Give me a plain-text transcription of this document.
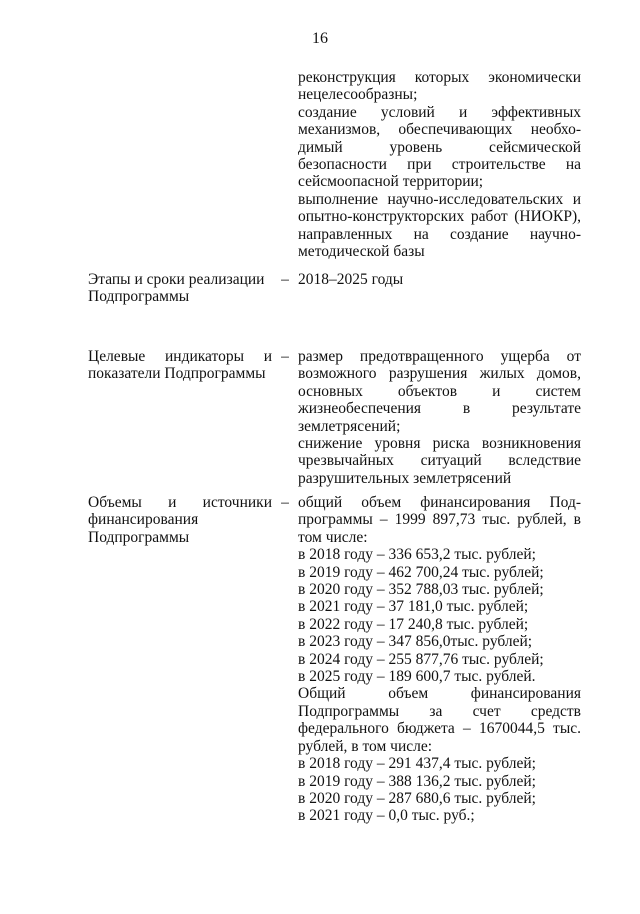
16
реконструкция которых экономически
нецелесообразны;
создание условий и эффективных
механизмов, обеспечивающих необхо-
димый уровень сейсмической
безопасности при строительстве на
сейсмоопасной территории;
выполнение научно-исследовательских и
опытно-конструкторских работ (НИОКР),
направленных на создание научно-
методической базы
Этапы и сроки реализации
Подпрограммы
– 2018–2025 годы
Целевые индикаторы и
показатели Подпрограммы
– размер предотвращенного ущерба от
возможного разрушения жилых домов,
основных объектов и систем
жизнеобеспечения в результате
землетрясений;
снижение уровня риска возникновения
чрезвычайных ситуаций вследствие
разрушительных землетрясений
Объемы и источники
финансирования
Подпрограммы
– общий объем финансирования Под-
программы – 1999 897,73 тыс. рублей, в
том числе:
в 2018 году – 336 653,2 тыс. рублей;
в 2019 году – 462 700,24 тыс. рублей;
в 2020 году – 352 788,03 тыс. рублей;
в 2021 году – 37 181,0 тыс. рублей;
в 2022 году – 17 240,8 тыс. рублей;
в 2023 году – 347 856,0тыс. рублей;
в 2024 году – 255 877,76 тыс. рублей;
в 2025 году – 189 600,7 тыс. рублей.
Общий объем финансирования
Подпрограммы за счет средств
федерального бюджета – 1670044,5 тыс.
рублей, в том числе:
в 2018 году – 291 437,4 тыс. рублей;
в 2019 году – 388 136,2 тыс. рублей;
в 2020 году – 287 680,6 тыс. рублей;
в 2021 году – 0,0 тыс. руб.;
